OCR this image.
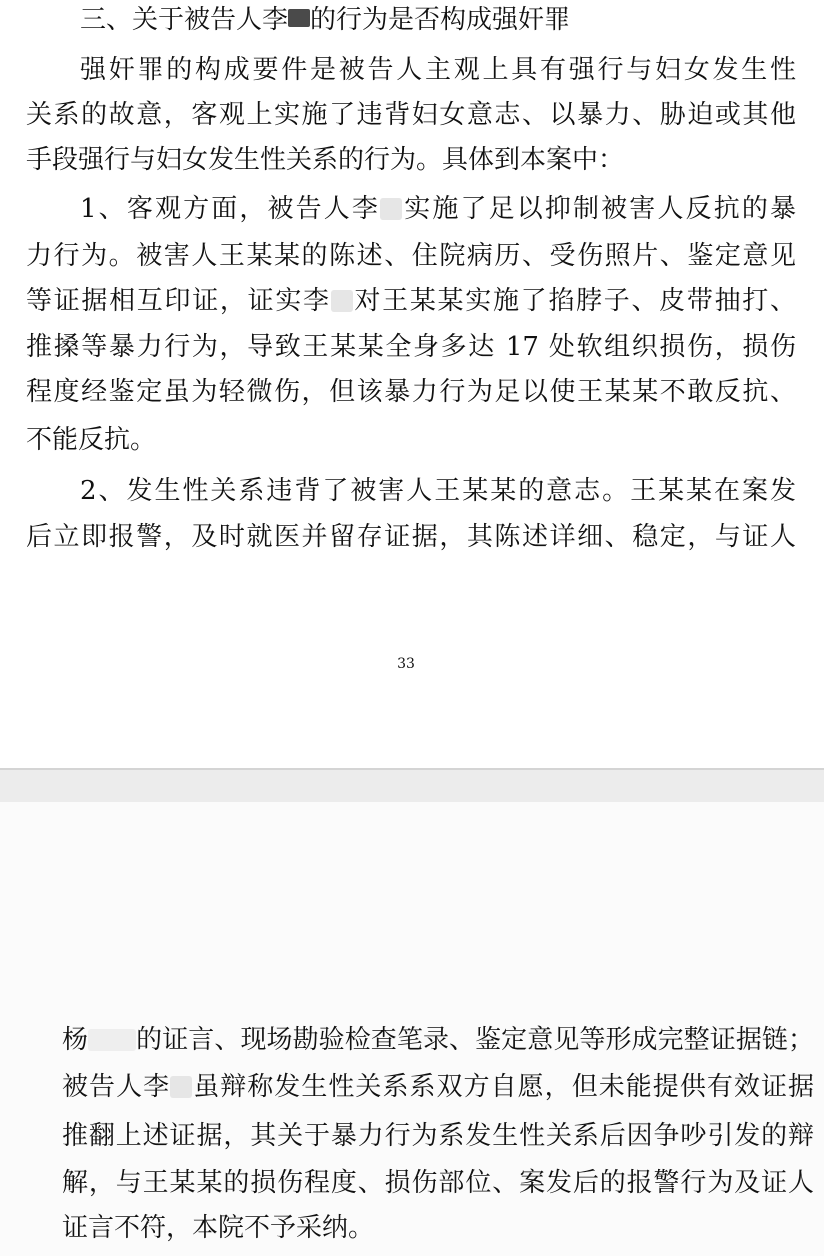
三、关于被告人李 的行为是否构成强奸罪
强奸罪的构成要件是被告人主观上具有强行与妇女发生性
关系的故意，客观上实施了违背妇女意志、以暴力、胁迫或其他
手段强行与妇女发生性关系的行为。具体到本案中：
1、客观方面，被告人李 实施了足以抑制被害人反抗的暴
力行为。被害人王某某的陈述、住院病历、受伤照片、鉴定意见
等证据相互印证，证实李 对王某某实施了掐脖子、皮带抽打、
推搡等暴力行为，导致王某某全身多达 17 处软组织损伤，损伤
程度经鉴定虽为轻微伤，但该暴力行为足以使王某某不敢反抗、
不能反抗。
2、发生性关系违背了被害人王某某的意志。王某某在案发
后立即报警，及时就医并留存证据，其陈述详细、稳定，与证人
33
杨 的证言、现场勘验检查笔录、鉴定意见等形成完整证据链；
被告人李 虽辩称发生性关系系双方自愿，但未能提供有效证据
推翻上述证据，其关于暴力行为系发生性关系后因争吵引发的辩
解，与王某某的损伤程度、损伤部位、案发后的报警行为及证人
证言不符，本院不予采纳。
